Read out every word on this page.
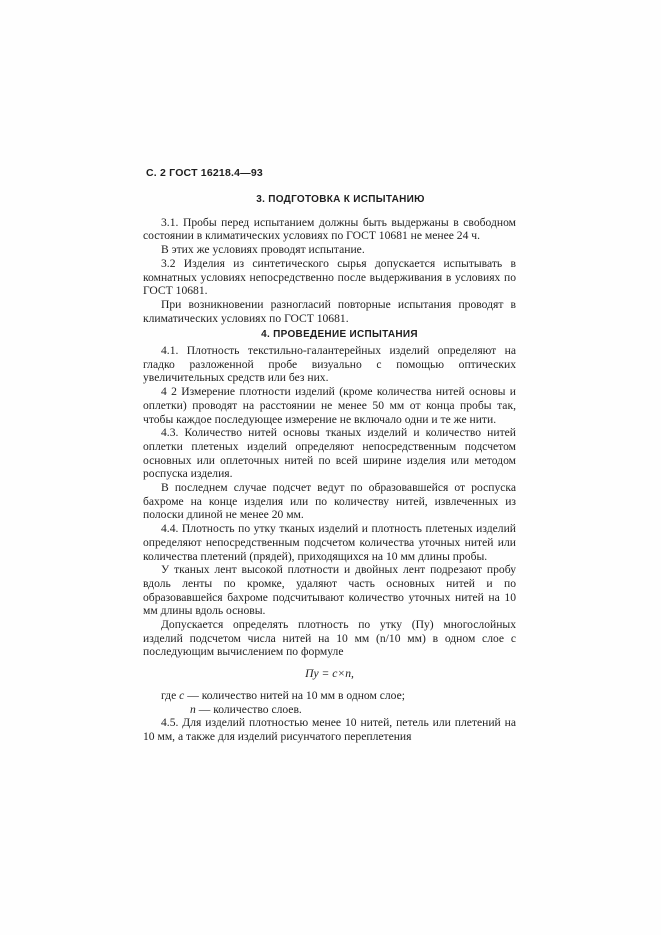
С. 2 ГОСТ 16218.4—93
3. ПОДГОТОВКА К ИСПЫТАНИЮ

3.1. Пробы перед испытанием должны быть выдержаны в свободном состоянии в климатических условиях по ГОСТ 10681 не менее 24 ч.

В этих же условиях проводят испытание.

3.2 Изделия из синтетического сырья допускается испытывать в комнатных условиях непосредственно после выдерживания в условиях по ГОСТ 10681.

При возникновении разногласий повторные испытания проводят в климатических условиях по ГОСТ 10681.

4. ПРОВЕДЕНИЕ ИСПЫТАНИЯ

4.1. Плотность текстильно-галантерейных изделий определяют на гладко разложенной пробе визуально с помощью оптических увеличительных средств или без них.

4 2 Измерение плотности изделий (кроме количества нитей основы и оплетки) проводят на расстоянии не менее 50 мм от конца пробы так, чтобы каждое последующее измерение не включало одни и те же нити.

4.3. Количество нитей основы тканых изделий и количество нитей оплетки плетеных изделий определяют непосредственным подсчетом основных или оплеточных нитей по всей ширине изделия или методом роспуска изделия.

В последнем случае подсчет ведут по образовавшейся от роспуска бахроме на конце изделия или по количеству нитей, извлеченных из полоски длиной не менее 20 мм.

4.4. Плотность по утку тканых изделий и плотность плетеных изделий определяют непосредственным подсчетом количества уточных нитей или количества плетений (прядей), приходящихся на 10 мм длины пробы.

У тканых лент высокой плотности и двойных лент подрезают пробу вдоль ленты по кромке, удаляют часть основных нитей и по образовавшейся бахроме подсчитывают количество уточных нитей на 10 мм длины вдоль основы.

Допускается определять плотность по утку (Пу) многослойных изделий подсчетом числа нитей на 10 мм (n/10 мм) в одном слое с последующим вычислением по формуле

Пу = c×n,

где c — количество нитей на 10 мм в одном слое;
n — количество слоев.

4.5. Для изделий плотностью менее 10 нитей, петель или плетений на 10 мм, а также для изделий рисунчатого переплетения
